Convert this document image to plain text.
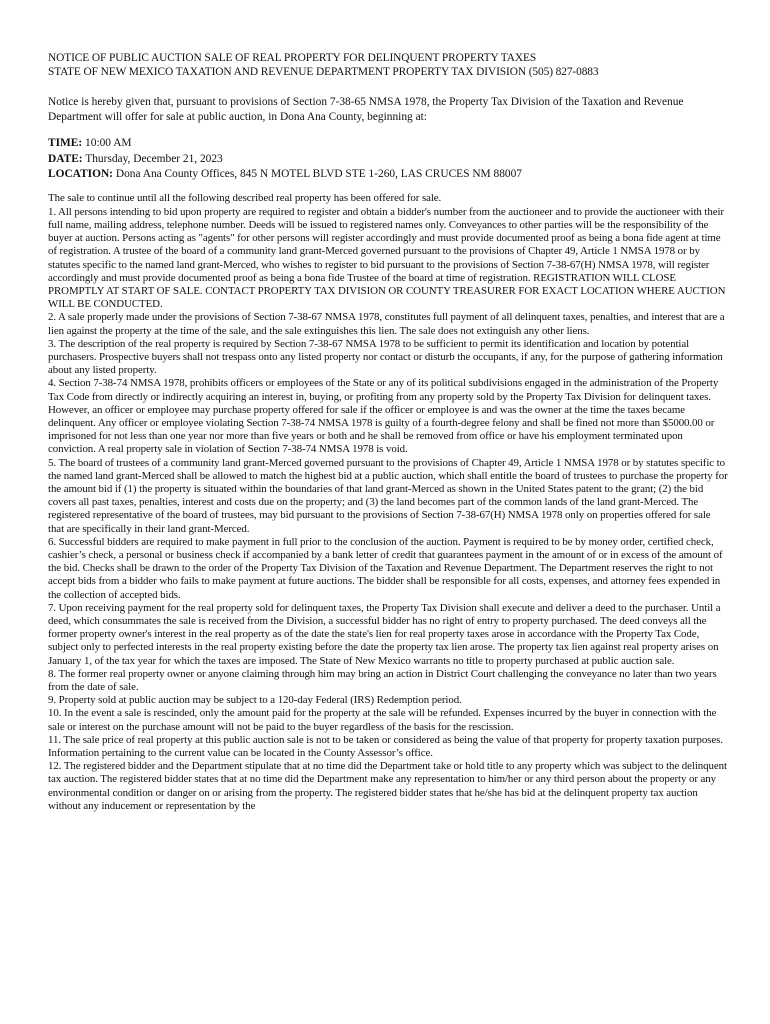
NOTICE OF PUBLIC AUCTION SALE OF REAL PROPERTY FOR DELINQUENT PROPERTY TAXES

STATE OF NEW MEXICO TAXATION AND REVENUE DEPARTMENT PROPERTY TAX DIVISION (505) 827-0883

Notice is hereby given that, pursuant to provisions of Section 7-38-65 NMSA 1978, the Property Tax Division of the Taxation and Revenue Department will offer for sale at public auction, in Dona Ana County, beginning at:

TIME: 10:00 AM
DATE: Thursday, December 21, 2023
LOCATION: Dona Ana County Offices, 845 N MOTEL BLVD STE 1-260, LAS CRUCES NM 88007

The sale to continue until all the following described real property has been offered for sale.

1. All persons intending to bid upon property are required to register and obtain a bidder's number from the auctioneer and to provide the auctioneer with their full name, mailing address, telephone number. Deeds will be issued to registered names only. Conveyances to other parties will be the responsibility of the buyer at auction. Persons acting as "agents" for other persons will register accordingly and must provide documented proof as being a bona fide agent at time of registration. A trustee of the board of a community land grant-Merced governed pursuant to the provisions of Chapter 49, Article 1 NMSA 1978 or by statutes specific to the named land grant-Merced, who wishes to register to bid pursuant to the provisions of Section 7-38-67(H) NMSA 1978, will register accordingly and must provide documented proof as being a bona fide Trustee of the board at time of registration. REGISTRATION WILL CLOSE PROMPTLY AT START OF SALE. CONTACT PROPERTY TAX DIVISION OR COUNTY TREASURER FOR EXACT LOCATION WHERE AUCTION WILL BE CONDUCTED.

2. A sale properly made under the provisions of Section 7-38-67 NMSA 1978, constitutes full payment of all delinquent taxes, penalties, and interest that are a lien against the property at the time of the sale, and the sale extinguishes this lien. The sale does not extinguish any other liens.

3. The description of the real property is required by Section 7-38-67 NMSA 1978 to be sufficient to permit its identification and location by potential purchasers. Prospective buyers shall not trespass onto any listed property nor contact or disturb the occupants, if any, for the purpose of gathering information about any listed property.

4. Section 7-38-74 NMSA 1978, prohibits officers or employees of the State or any of its political subdivisions engaged in the administration of the Property Tax Code from directly or indirectly acquiring an interest in, buying, or profiting from any property sold by the Property Tax Division for delinquent taxes. However, an officer or employee may purchase property offered for sale if the officer or employee is and was the owner at the time the taxes became delinquent. Any officer or employee violating Section 7-38-74 NMSA 1978 is guilty of a fourth-degree felony and shall be fined not more than $5000.00 or imprisoned for not less than one year nor more than five years or both and he shall be removed from office or have his employment terminated upon conviction. A real property sale in violation of Section 7-38-74 NMSA 1978 is void.

5. The board of trustees of a community land grant-Merced governed pursuant to the provisions of Chapter 49, Article 1 NMSA 1978 or by statutes specific to the named land grant-Merced shall be allowed to match the highest bid at a public auction, which shall entitle the board of trustees to purchase the property for the amount bid if (1) the property is situated within the boundaries of that land grant-Merced as shown in the United States patent to the grant; (2) the bid covers all past taxes, penalties, interest and costs due on the property; and (3) the land becomes part of the common lands of the land grant-Merced. The registered representative of the board of trustees, may bid pursuant to the provisions of Section 7-38-67(H) NMSA 1978 only on properties offered for sale that are specifically in their land grant-Merced.

6. Successful bidders are required to make payment in full prior to the conclusion of the auction. Payment is required to be by money order, certified check, cashier’s check, a personal or business check if accompanied by a bank letter of credit that guarantees payment in the amount of or in excess of the amount of the bid. Checks shall be drawn to the order of the Property Tax Division of the Taxation and Revenue Department. The Department reserves the right to not accept bids from a bidder who fails to make payment at future auctions. The bidder shall be responsible for all costs, expenses, and attorney fees expended in the collection of accepted bids.

7. Upon receiving payment for the real property sold for delinquent taxes, the Property Tax Division shall execute and deliver a deed to the purchaser. Until a deed, which consummates the sale is received from the Division, a successful bidder has no right of entry to property purchased. The deed conveys all the former property owner's interest in the real property as of the date the state's lien for real property taxes arose in accordance with the Property Tax Code, subject only to perfected interests in the real property existing before the date the property tax lien arose. The property tax lien against real property arises on January 1, of the tax year for which the taxes are imposed. The State of New Mexico warrants no title to property purchased at public auction sale.

8. The former real property owner or anyone claiming through him may bring an action in District Court challenging the conveyance no later than two years from the date of sale.

9. Property sold at public auction may be subject to a 120-day Federal (IRS) Redemption period.

10. In the event a sale is rescinded, only the amount paid for the property at the sale will be refunded. Expenses incurred by the buyer in connection with the sale or interest on the purchase amount will not be paid to the buyer regardless of the basis for the rescission.

11. The sale price of real property at this public auction sale is not to be taken or considered as being the value of that property for property taxation purposes. Information pertaining to the current value can be located in the County Assessor’s office.

12. The registered bidder and the Department stipulate that at no time did the Department take or hold title to any property which was subject to the delinquent tax auction. The registered bidder states that at no time did the Department make any representation to him/her or any third person about the property or any environmental condition or danger on or arising from the property. The registered bidder states that he/she has bid at the delinquent property tax auction without any inducement or representation by the
